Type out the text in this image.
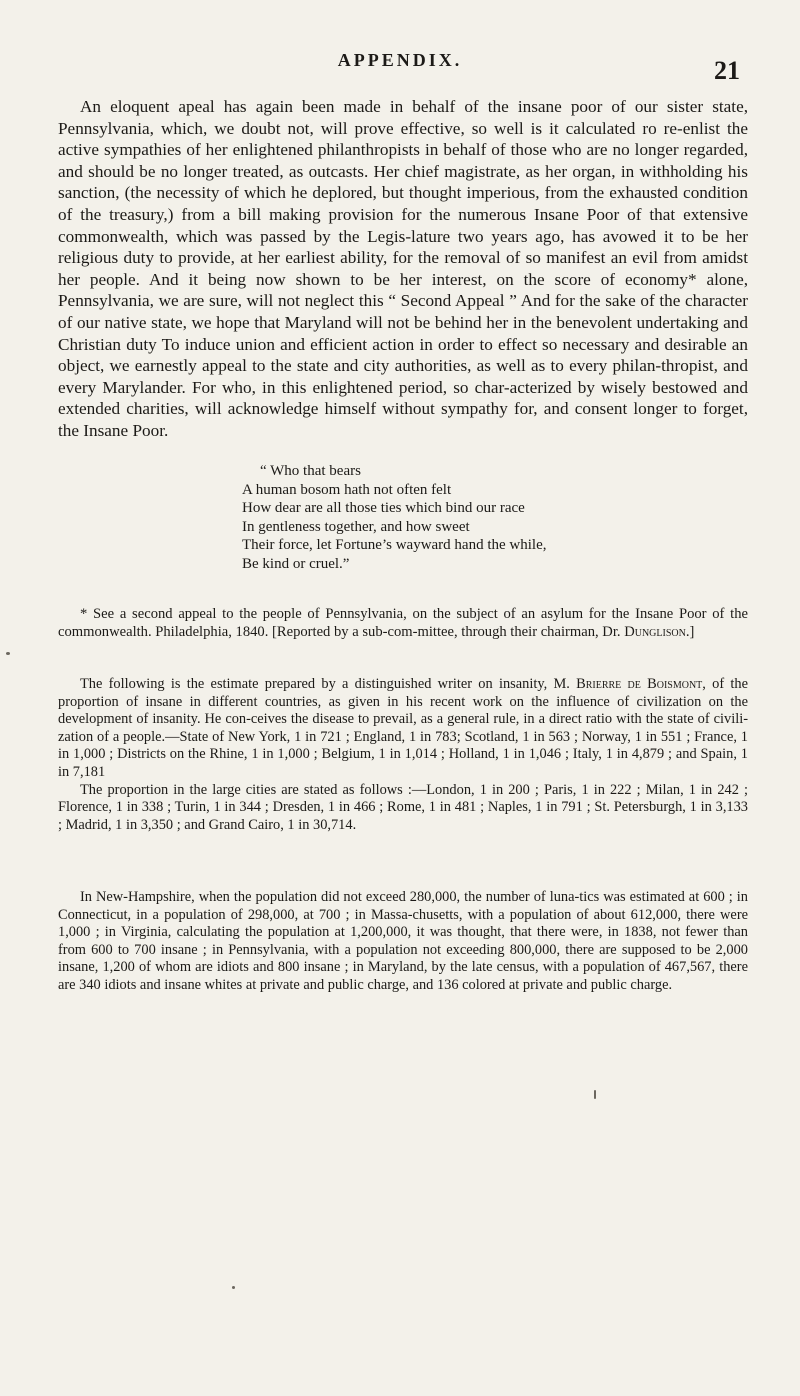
APPENDIX.	21

An eloquent apeal has again been made in behalf of the insane poor of our sister state, Pennsylvania, which, we doubt not, will prove effective, so well is it calculated ro re-enlist the active sympathies of her enlightened philanthropists in behalf of those who are no longer regarded, and should be no longer treated, as outcasts. Her chief magistrate, as her organ, in withholding his sanction, (the necessity of which he deplored, but thought imperious, from the exhausted condition of the treasury,) from a bill making provision for the numerous Insane Poor of that extensive commonwealth, which was passed by the Legis-lature two years ago, has avowed it to be her religious duty to provide, at her earliest ability, for the removal of so manifest an evil from amidst her people. And it being now shown to be her interest, on the score of economy* alone, Pennsylvania, we are sure, will not neglect this “ Second Appeal ” And for the sake of the character of our native state, we hope that Maryland will not be behind her in the benevolent undertaking and Christian duty To induce union and efficient action in order to effect so necessary and desirable an object, we earnestly appeal to the state and city authorities, as well as to every philan-thropist, and every Marylander. For who, in this enlightened period, so char-acterized by wisely bestowed and extended charities, will acknowledge himself without sympathy for, and consent longer to forget, the Insane Poor.

“ Who that bears
A human bosom hath not often felt
How dear are all those ties which bind our race
In gentleness together, and how sweet
Their force, let Fortune’s wayward hand the while,
Be kind or cruel.”

* See a second appeal to the people of Pennsylvania, on the subject of an asylum for the Insane Poor of the commonwealth. Philadelphia, 1840. [Reported by a sub-com-mittee, through their chairman, Dr. Dunglison.]

The following is the estimate prepared by a distinguished writer on insanity, M. Brierre de Boismont, of the proportion of insane in different countries, as given in his recent work on the influence of civilization on the development of insanity. He con-ceives the disease to prevail, as a general rule, in a direct ratio with the state of civili-zation of a people.—State of New York, 1 in 721 ; England, 1 in 783; Scotland, 1 in 563 ; Norway, 1 in 551 ; France, 1 in 1,000 ; Districts on the Rhine, 1 in 1,000 ; Belgium, 1 in 1,014 ; Holland, 1 in 1,046 ; Italy, 1 in 4,879 ; and Spain, 1 in 7,181

The proportion in the large cities are stated as follows :—London, 1 in 200 ; Paris, 1 in 222 ; Milan, 1 in 242 ; Florence, 1 in 338 ; Turin, 1 in 344 ; Dresden, 1 in 466 ; Rome, 1 in 481 ; Naples, 1 in 791 ; St. Petersburgh, 1 in 3,133 ; Madrid, 1 in 3,350 ; and Grand Cairo, 1 in 30,714.

In New-Hampshire, when the population did not exceed 280,000, the number of luna-tics was estimated at 600 ; in Connecticut, in a population of 298,000, at 700 ; in Massa-chusetts, with a population of about 612,000, there were 1,000 ; in Virginia, calculating the population at 1,200,000, it was thought, that there were, in 1838, not fewer than from 600 to 700 insane ; in Pennsylvania, with a population not exceeding 800,000, there are supposed to be 2,000 insane, 1,200 of whom are idiots and 800 insane ; in Maryland, by the late census, with a population of 467,567, there are 340 idiots and insane whites at private and public charge, and 136 colored at private and public charge.
